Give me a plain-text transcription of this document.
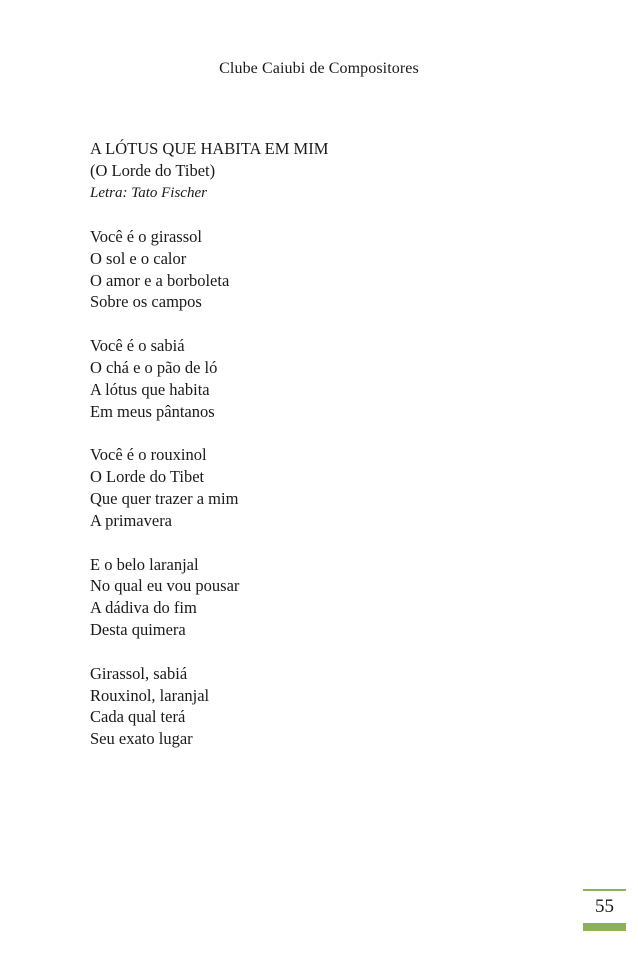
Clube Caiubi de Compositores

A LÓTUS QUE HABITA EM MIM

(O Lorde do Tibet)

Letra: Tato Fischer

Você é o girassol
O sol e o calor
O amor e a borboleta
Sobre os campos
Você é o sabiá
O chá e o pão de ló
A lótus que habita
Em meus pântanos
Você é o rouxinol
O Lorde do Tibet
Que quer trazer a mim
A primavera
E o belo laranjal
No qual eu vou pousar
A dádiva do fim
Desta quimera
Girassol, sabiá
Rouxinol, laranjal
Cada qual terá
Seu exato lugar
55
